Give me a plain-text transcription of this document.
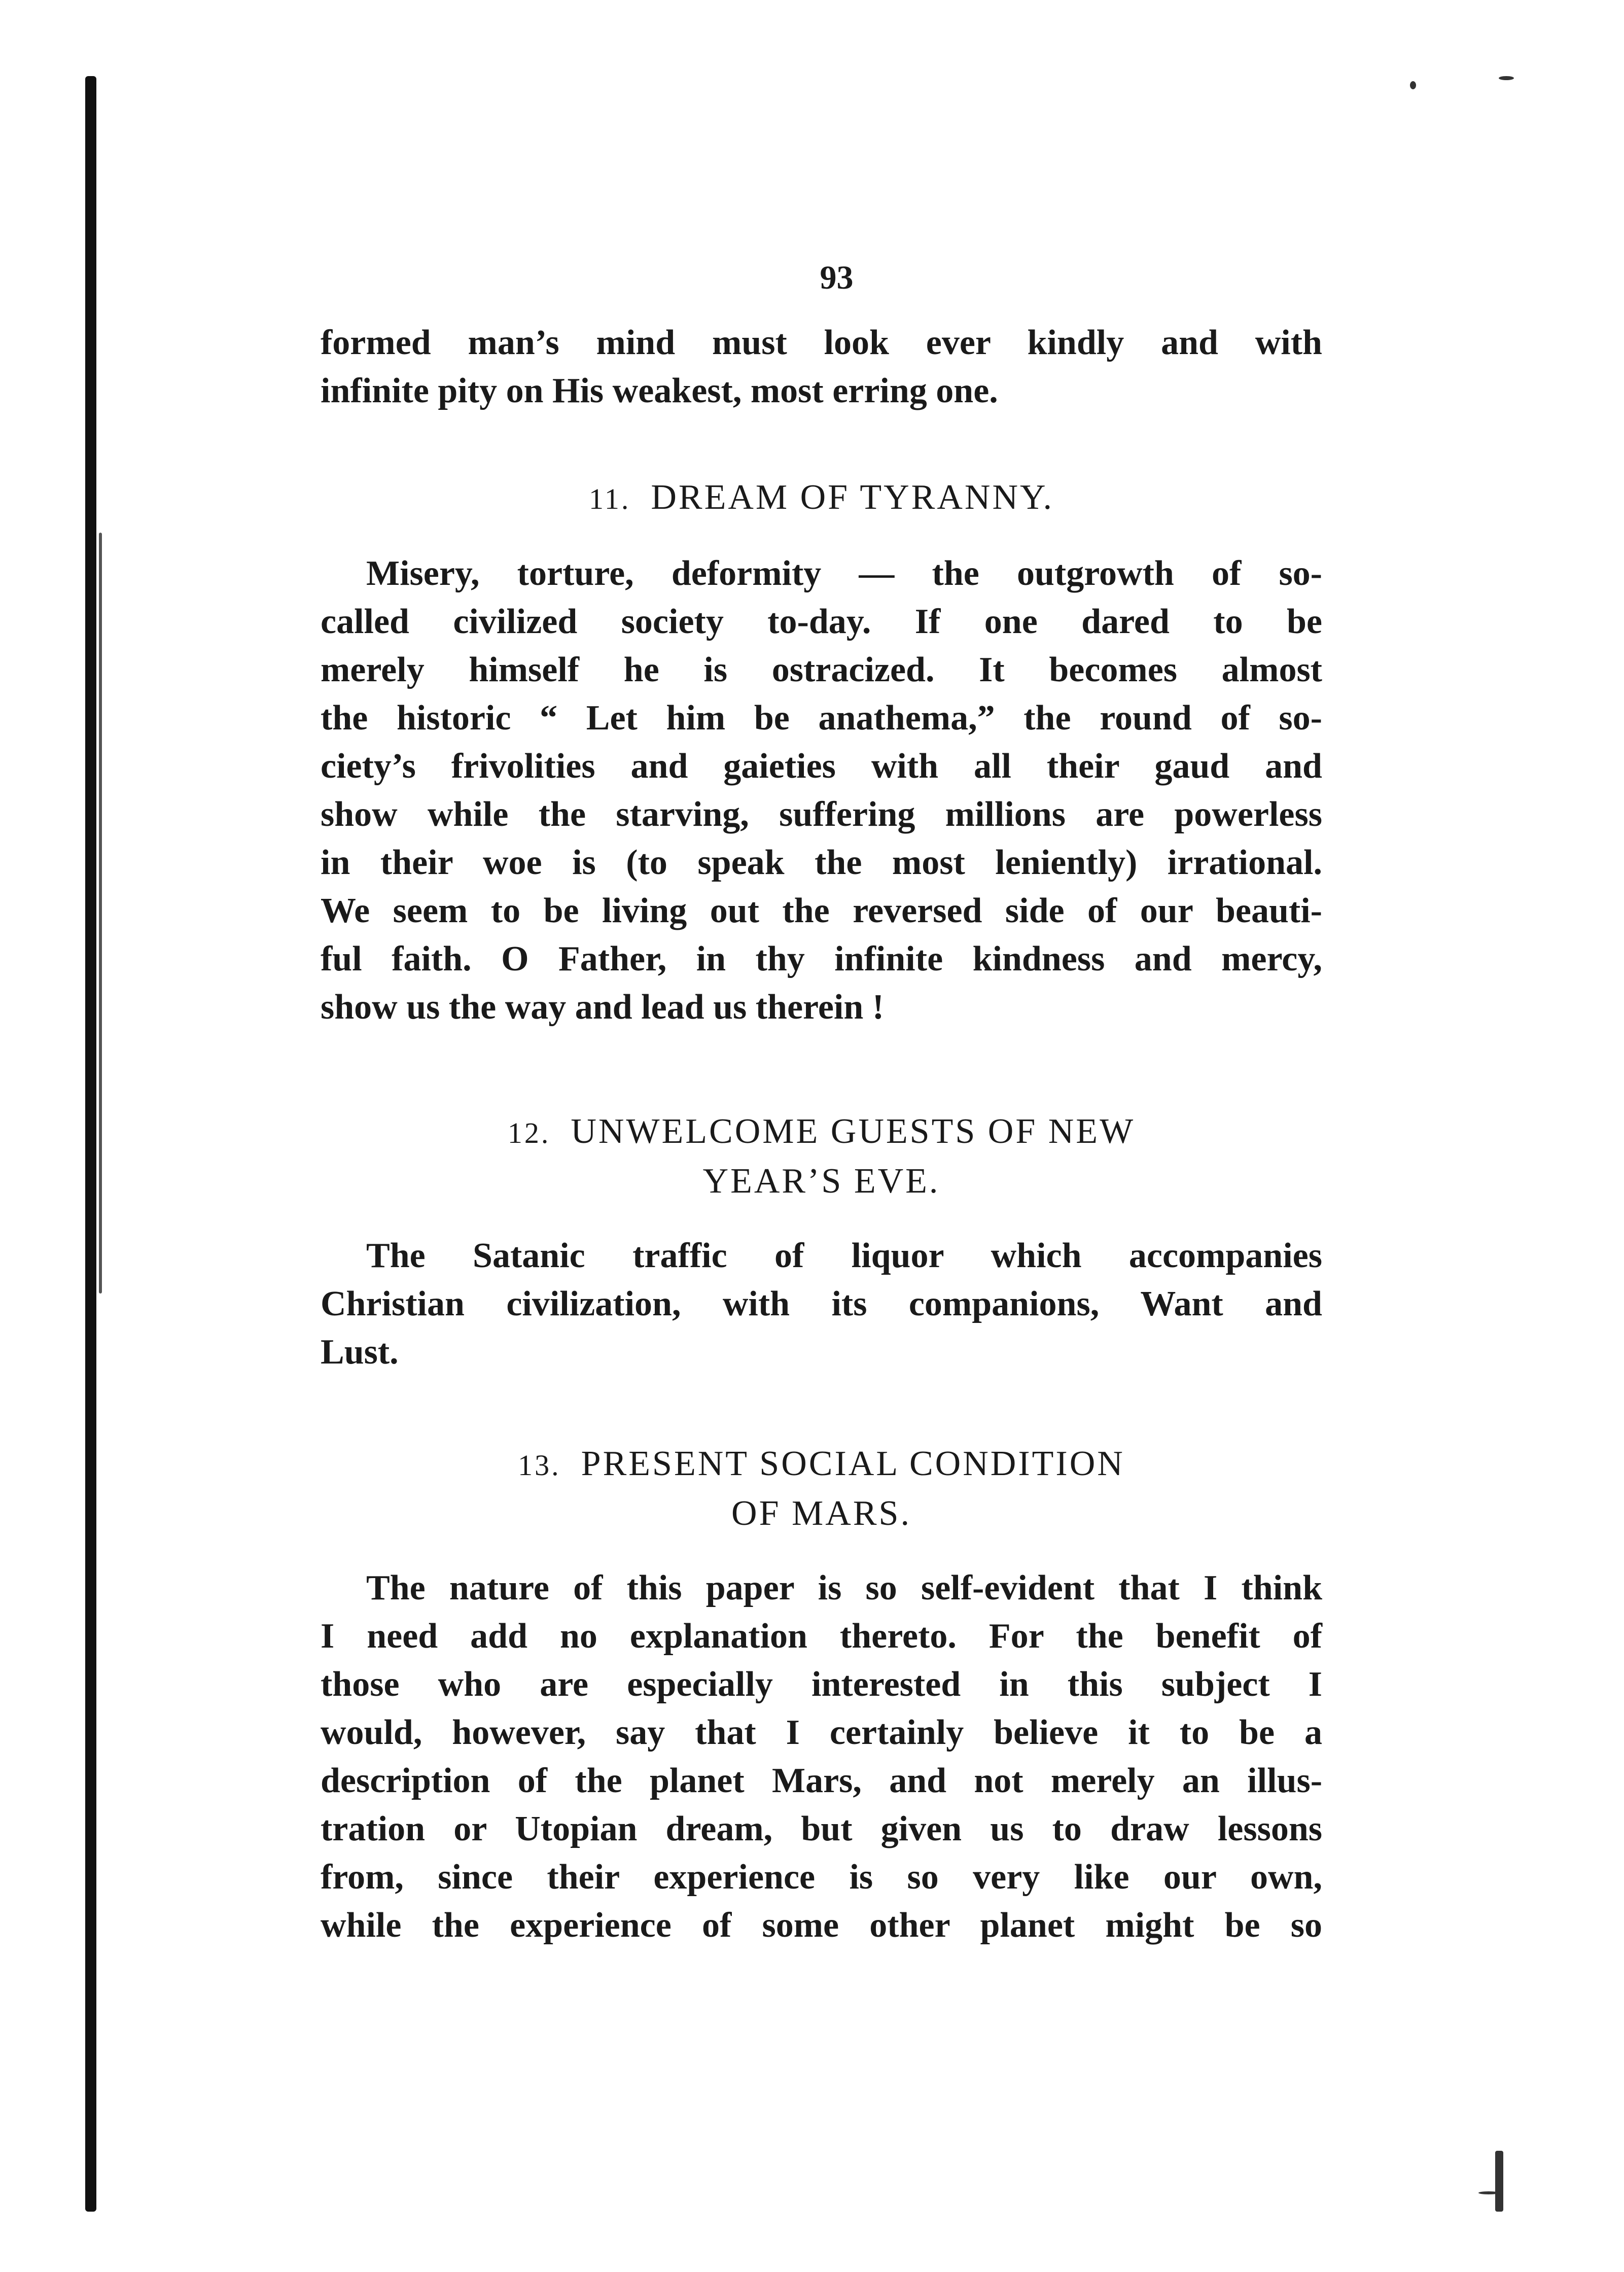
93

formed man’s mind must look ever kindly and with
infinite pity on His weakest, most erring one.

11. DREAM OF TYRANNY.

Misery, torture, deformity — the outgrowth of so-
called civilized society to-day. If one dared to be
merely himself he is ostracized. It becomes almost
the historic “ Let him be anathema,” the round of so-
ciety’s frivolities and gaieties with all their gaud and
show while the starving, suffering millions are powerless
in their woe is (to speak the most leniently) irrational.
We seem to be living out the reversed side of our beauti-
ful faith. O Father, in thy infinite kindness and mercy,
show us the way and lead us therein !

12. UNWELCOME GUESTS OF NEW
YEAR’S EVE.

The Satanic traffic of liquor which accompanies
Christian civilization, with its companions, Want and
Lust.

13. PRESENT SOCIAL CONDITION
OF MARS.

The nature of this paper is so self-evident that I think
I need add no explanation thereto. For the benefit of
those who are especially interested in this subject I
would, however, say that I certainly believe it to be a
description of the planet Mars, and not merely an illus-
tration or Utopian dream, but given us to draw lessons
from, since their experience is so very like our own,
while the experience of some other planet might be so
